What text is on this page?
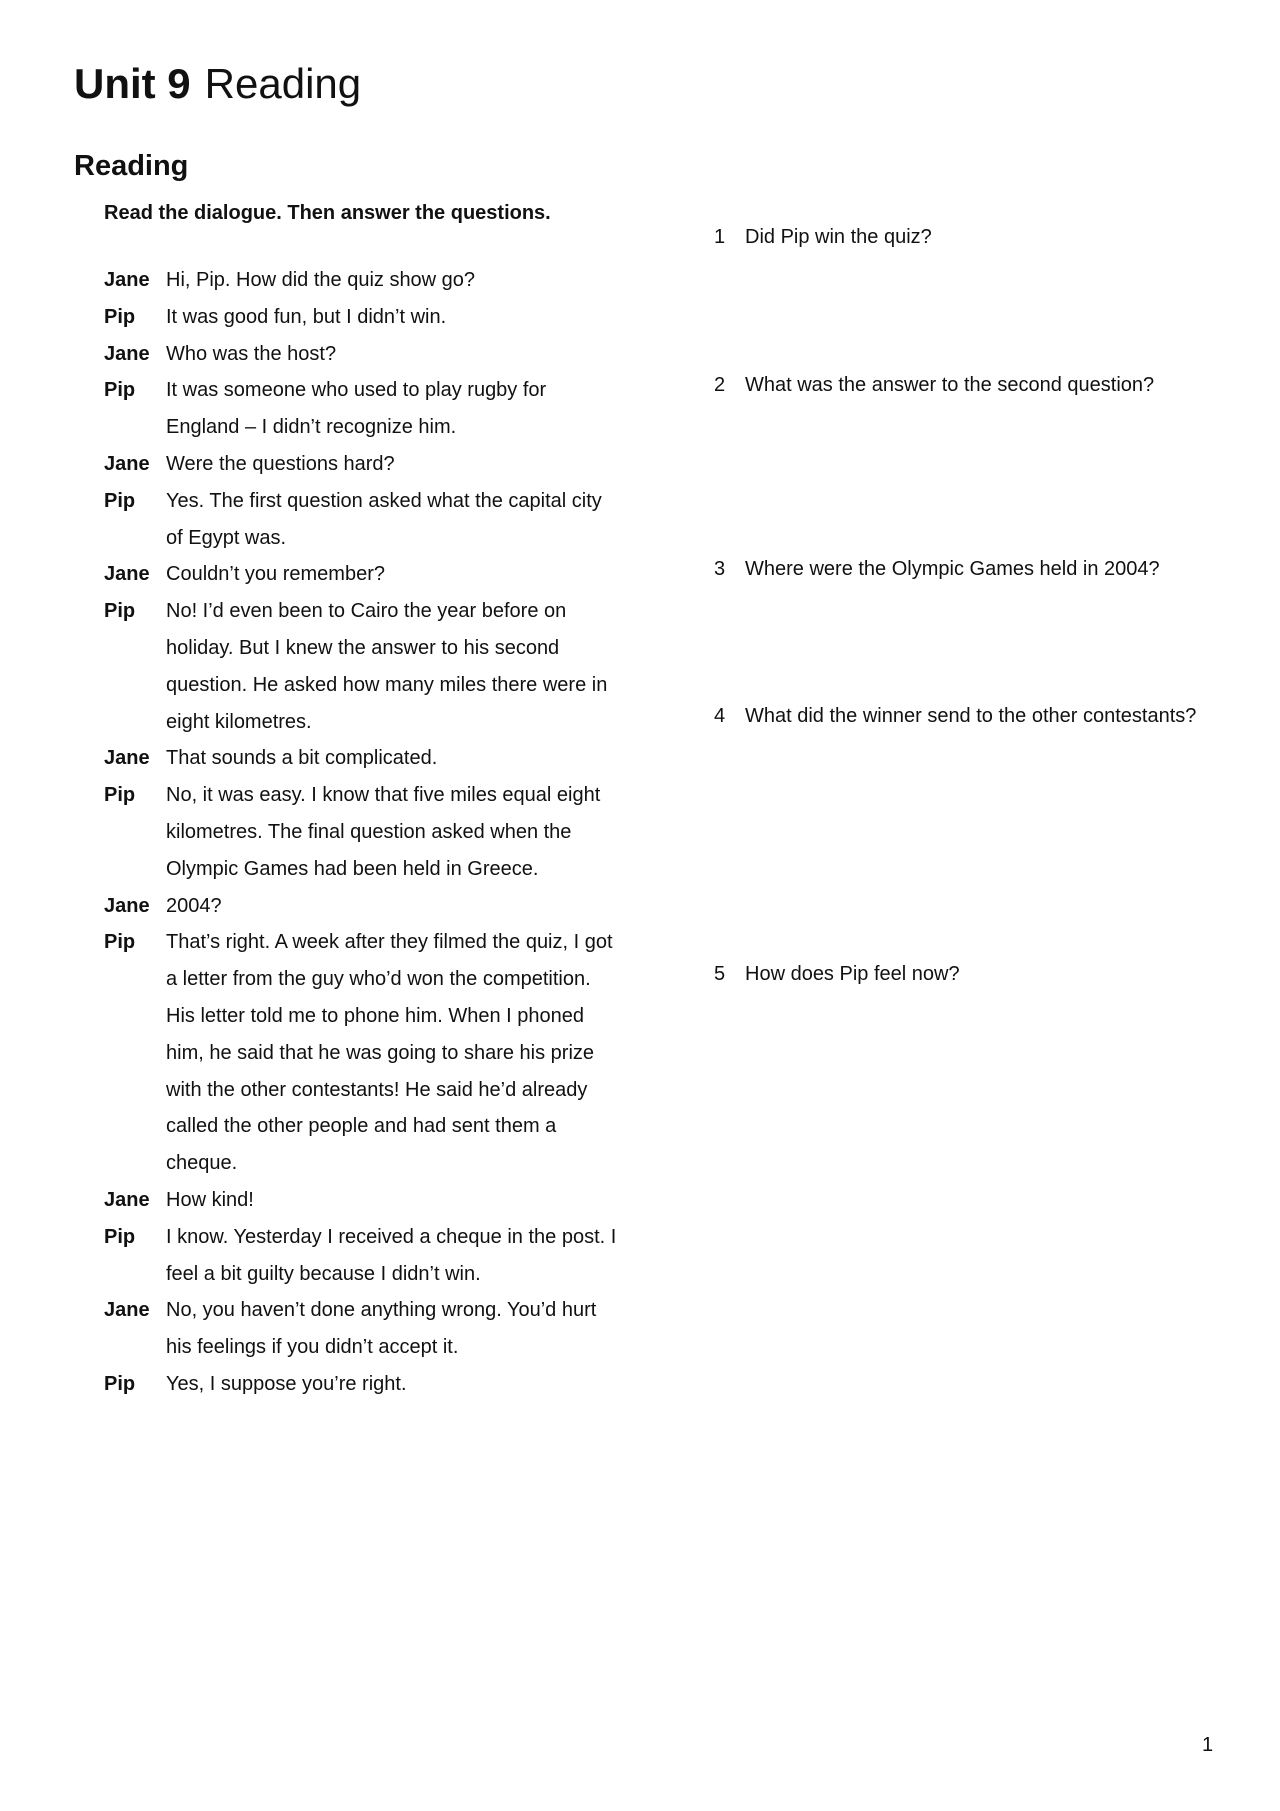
Unit 9 Reading
Reading
Read the dialogue. Then answer the questions.
Jane Hi, Pip. How did the quiz show go?
Pip	It was good fun, but I didn’t win.
Jane Who was the host?
Pip	It was someone who used to play rugby for England – I didn’t recognize him.
Jane Were the questions hard?
Pip	Yes. The first question asked what the capital city of Egypt was.
Jane Couldn’t you remember?
Pip	No! I’d even been to Cairo the year before on holiday. But I knew the answer to his second question. He asked how many miles there were in eight kilometres.
Jane That sounds a bit complicated.
Pip	No, it was easy. I know that five miles equal eight kilometres. The final question asked when the Olympic Games had been held in Greece.
Jane 2004?
Pip	That’s right. A week after they filmed the quiz, I got a letter from the guy who’d won the competition. His letter told me to phone him. When I phoned him, he said that he was going to share his prize with the other contestants! He said he’d already called the other people and had sent them a cheque.
Jane How kind!
Pip	I know. Yesterday I received a cheque in the post. I feel a bit guilty because I didn’t win.
Jane No, you haven’t done anything wrong. You’d hurt his feelings if you didn’t accept it.
Pip	Yes, I suppose you’re right.
1 Did Pip win the quiz?
2 What was the answer to the second question?
3 Where were the Olympic Games held in 2004?
4 What did the winner send to the other contestants?
5 How does Pip feel now?
1
